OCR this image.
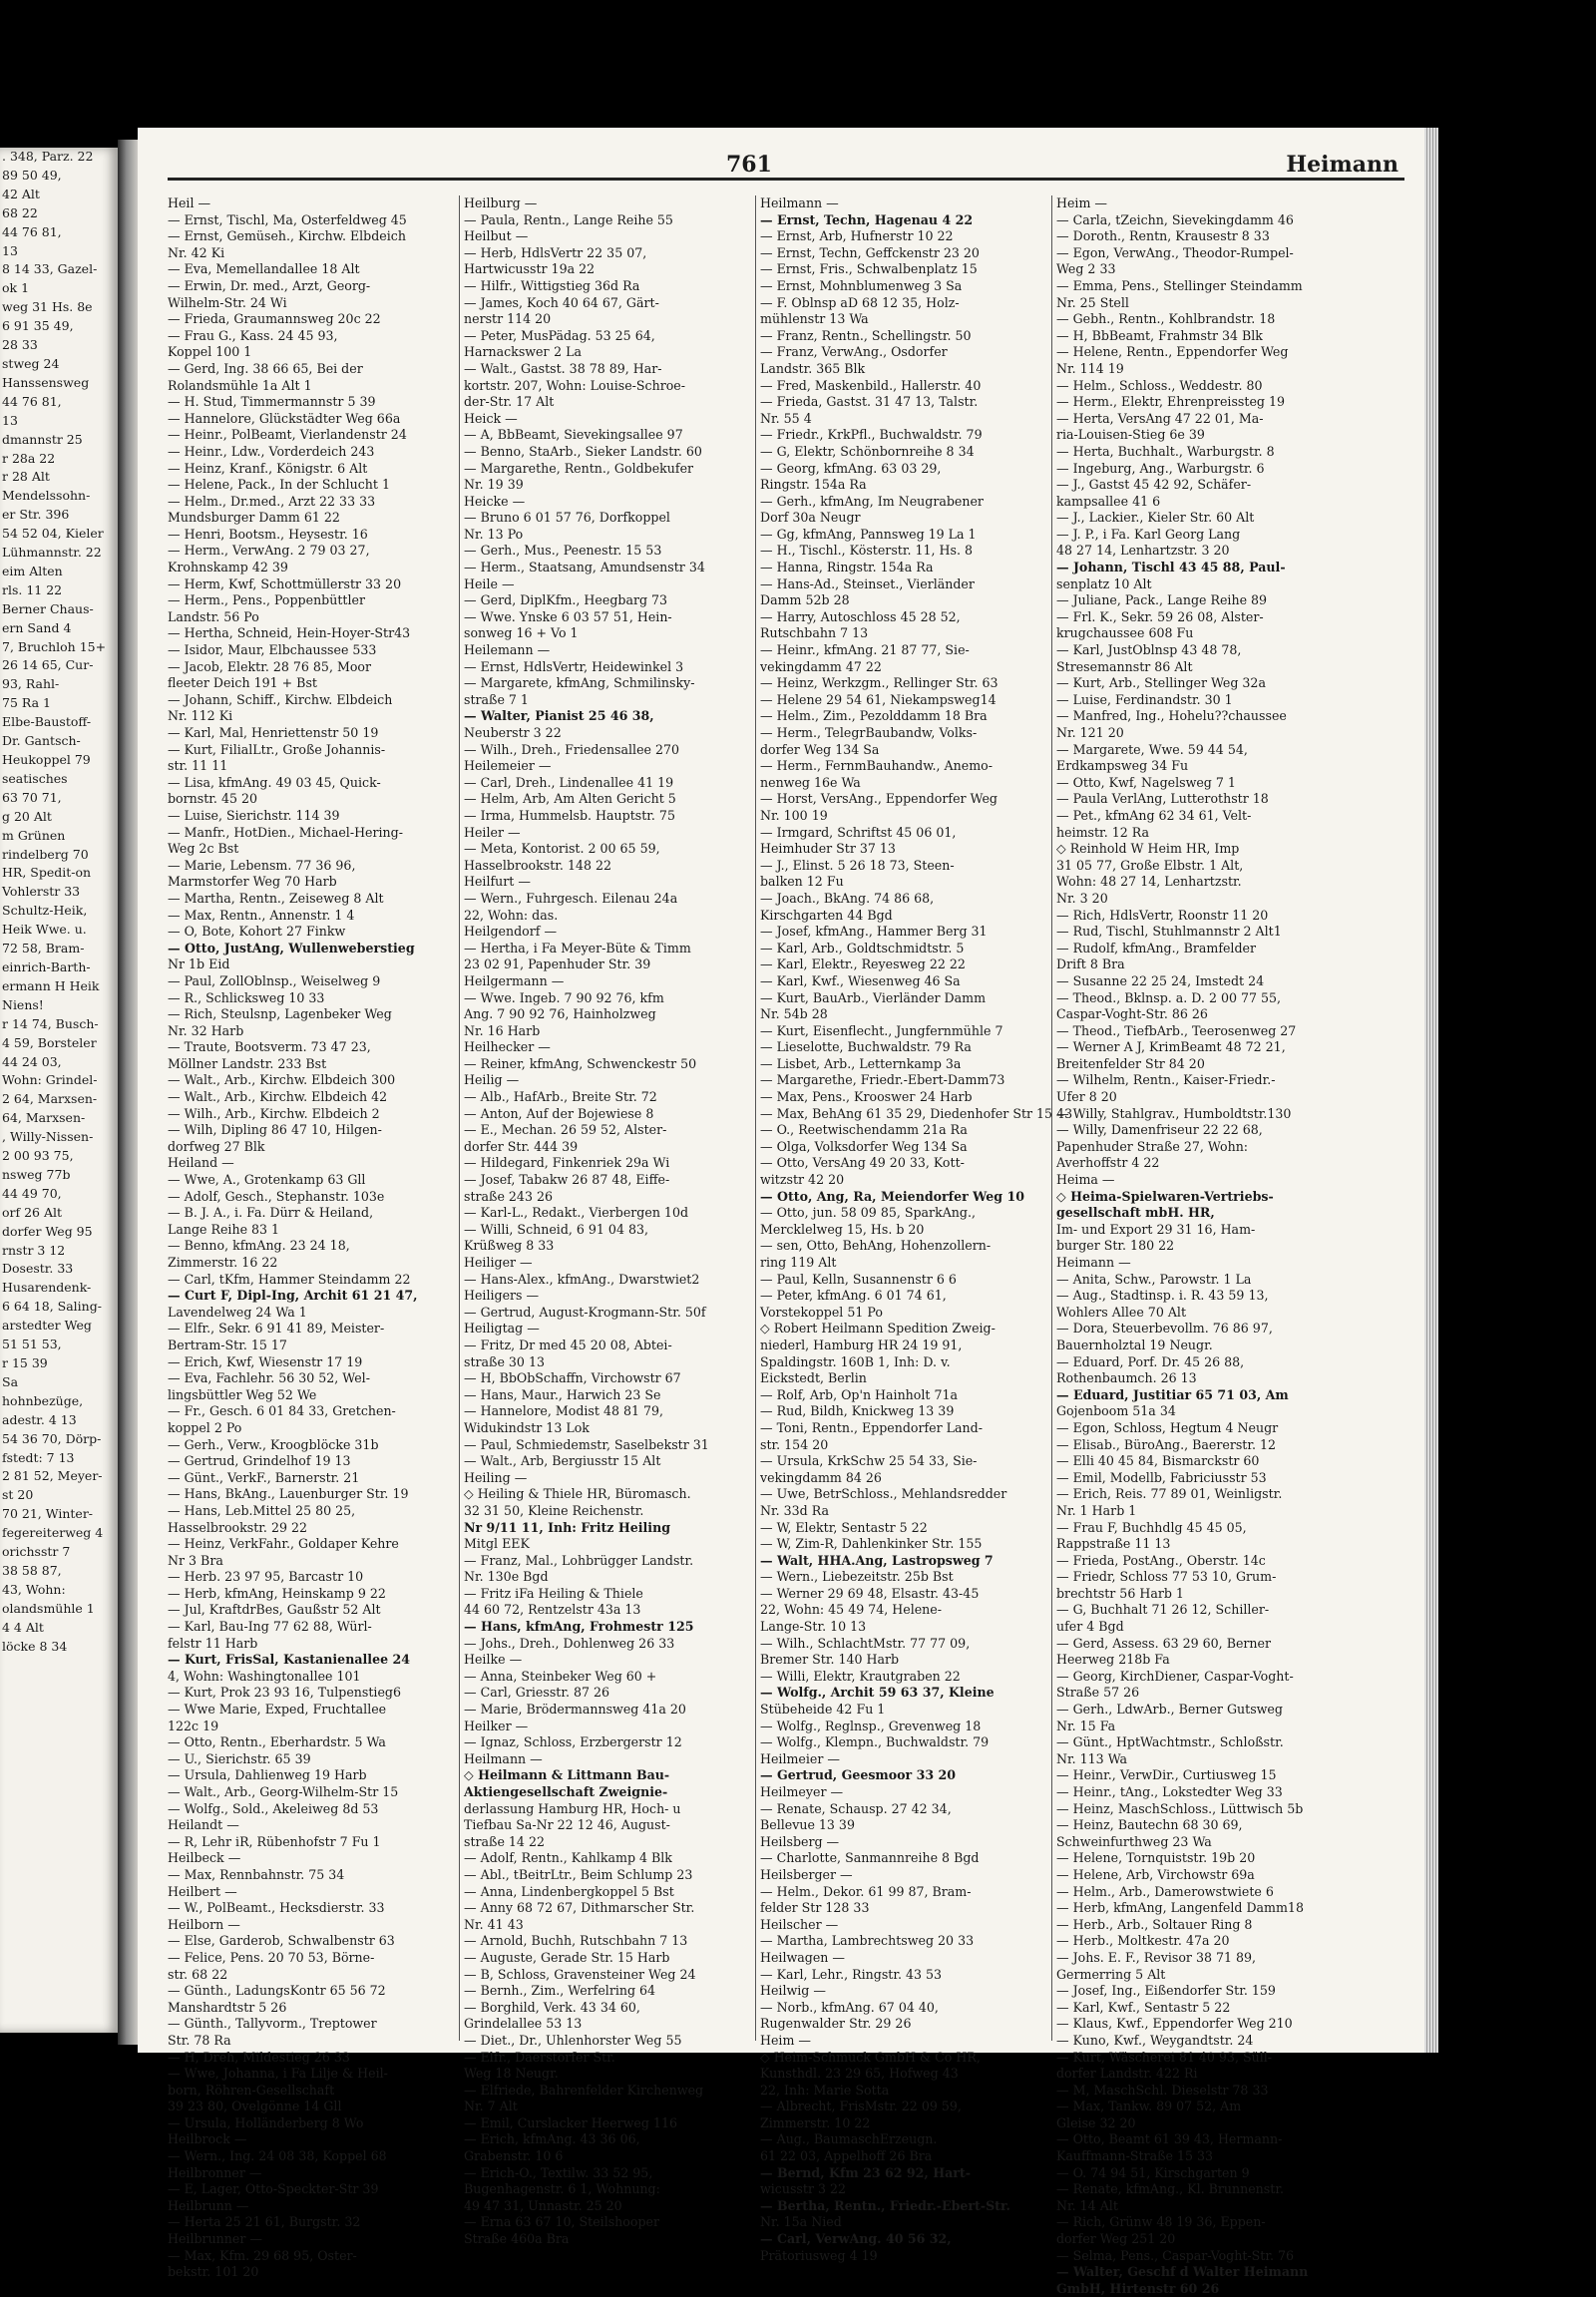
. 348, Parz. 22
89 50 49,
42 Alt
68 22
44 76 81,
13
8 14 33, Gazel-
ok 1
weg 31 Hs. 8e
6 91 35 49,
28 33
stweg 24
Hanssensweg
44 76 81,
13
dmannstr 25
r 28a 22
r 28 Alt
Mendelssohn-
er Str. 396
54 52 04, Kieler
Lühmannstr. 22
eim Alten
rls. 11 22
Berner Chaus-
ern Sand 4
7, Bruchloh 15+
26 14 65, Cur-
93, Rahl-
75 Ra 1
Elbe-Baustoff-
Dr. Gantsch-
Heukoppel 79
seatisches
63 70 71,
g 20 Alt
m Grünen
rindelberg 70
HR, Spedit-on
Vohlerstr 33
Schultz-Heik,
Heik Wwe. u.
72 58, Bram-
einrich-Barth-
ermann H Heik
Niens!
r 14 74, Busch-
4 59, Borsteler
44 24 03,
Wohn: Grindel-
2 64, Marxsen-
64, Marxsen-
, Willy-Nissen-
2 00 93 75,
nsweg 77b
44 49 70,
orf 26 Alt
dorfer Weg 95
rnstr 3 12
Dosestr. 33
Husarendenk-
6 64 18, Saling-
arstedter Weg
51 51 53,
r 15 39
Sa
hohnbezüge,
adestr. 4 13
54 36 70, Dörp-
fstedt: 7 13
2 81 52, Meyer-
st 20
70 21, Winter-
fegereiterweg 4
orichsstr 7
38 58 87,
43, Wohn:
olandsmühle 1
4 4 Alt
löcke 8 34
761	Heimann

Heil —

— Ernst, Tischl, Ma, Osterfeldweg 45

— Ernst, Gemüseh., Kirchw. Elbdeich

Nr. 42 Ki

— Eva, Memellandallee 18 Alt

— Erwin, Dr. med., Arzt, Georg-

Wilhelm-Str. 24 Wi

— Frieda, Graumannsweg 20c 22

— Frau G., Kass. 24 45 93,

Koppel 100 1

— Gerd, Ing. 38 66 65, Bei der

Rolandsmühle 1a Alt 1

— H. Stud, Timmermannstr 5 39

— Hannelore, Glückstädter Weg 66a

— Heinr., PolBeamt, Vierlandenstr 24

— Heinr., Ldw., Vorderdeich 243

— Heinz, Kranf., Königstr. 6 Alt

— Helene, Pack., In der Schlucht 1

— Helm., Dr.med., Arzt 22 33 33

Mundsburger Damm 61 22

— Henri, Bootsm., Heysestr. 16

— Herm., VerwAng. 2 79 03 27,

Krohnskamp 42 39

— Herm, Kwf, Schottmüllerstr 33 20

— Herm., Pens., Poppenbüttler

Landstr. 56 Po

— Hertha, Schneid, Hein-Hoyer-Str43

— Isidor, Maur, Elbchaussee 533

— Jacob, Elektr. 28 76 85, Moor

fleeter Deich 191 + Bst

— Johann, Schiff., Kirchw. Elbdeich

Nr. 112 Ki

— Karl, Mal, Henriettenstr 50 19

— Kurt, FilialLtr., Große Johannis-

str. 11 11

— Lisa, kfmAng. 49 03 45, Quick-

bornstr. 45 20

— Luise, Sierichstr. 114 39

— Manfr., HotDien., Michael-Hering-

Weg 2c Bst

— Marie, Lebensm. 77 36 96,

Marmstorfer Weg 70 Harb

— Martha, Rentn., Zeiseweg 8 Alt

— Max, Rentn., Annenstr. 1 4

— O, Bote, Kohort 27 Finkw

— Otto, JustAng, Wullenweberstieg

Nr 1b Eid

— Paul, ZollOblnsp., Weiselweg 9

— R., Schlicksweg 10 33

— Rich, Steulsnp, Lagenbeker Weg

Nr. 32 Harb

— Traute, Bootsverm. 73 47 23,

Möllner Landstr. 233 Bst

— Walt., Arb., Kirchw. Elbdeich 300

— Walt., Arb., Kirchw. Elbdeich 42

— Wilh., Arb., Kirchw. Elbdeich 2

— Wilh, Dipling 86 47 10, Hilgen-

dorfweg 27 Blk

Heiland —

— Wwe, A., Grotenkamp 63 Gll

— Adolf, Gesch., Stephanstr. 103e

— B. J. A., i. Fa. Dürr & Heiland,

Lange Reihe 83 1

— Benno, kfmAng. 23 24 18,

Zimmerstr. 16 22

— Carl, tKfm, Hammer Steindamm 22

— Curt F, Dipl-Ing, Archit 61 21 47,

Lavendelweg 24 Wa 1

— Elfr., Sekr. 6 91 41 89, Meister-

Bertram-Str. 15 17

— Erich, Kwf, Wiesenstr 17 19

— Eva, Fachlehr. 56 30 52, Wel-

lingsbüttler Weg 52 We

— Fr., Gesch. 6 01 84 33, Gretchen-

koppel 2 Po

— Gerh., Verw., Kroogblöcke 31b

— Gertrud, Grindelhof 19 13

— Günt., VerkF., Barnerstr. 21

— Hans, BkAng., Lauenburger Str. 19

— Hans, Leb.Mittel 25 80 25,

Hasselbrookstr. 29 22

— Heinz, VerkFahr., Goldaper Kehre

Nr 3 Bra

— Herb. 23 97 95, Barcastr 10

— Herb, kfmAng, Heinskamp 9 22

— Jul, KraftdrBes, Gaußstr 52 Alt

— Karl, Bau-Ing 77 62 88, Würl-

felstr 11 Harb

— Kurt, FrisSal, Kastanienallee 24

4, Wohn: Washingtonallee 101

— Kurt, Prok 23 93 16, Tulpenstieg6

— Wwe Marie, Exped, Fruchtallee

122c 19

— Otto, Rentn., Eberhardstr. 5 Wa

— U., Sierichstr. 65 39

— Ursula, Dahlienweg 19 Harb

— Walt., Arb., Georg-Wilhelm-Str 15

— Wolfg., Sold., Akeleiweg 8d 53

Heilandt —

— R, Lehr iR, Rübenhofstr 7 Fu 1

Heilbeck —

— Max, Rennbahnstr. 75 34

Heilbert —

— W., PolBeamt., Hecksdierstr. 33

Heilborn —

— Else, Garderob, Schwalbenstr 63

— Felice, Pens. 20 70 53, Börne-

str. 68 22

— Günth., LadungsKontr 65 56 72

Manshardtstr 5 26

— Günth., Tallyvorm., Treptower

Str. 78 Ra

— H, Dreh, Mildestieg 26 33

— Wwe, Johanna, i Fa Lilje & Heil-

born, Röhren-Gesellschaft

39 23 80, Ovelgönne 14 Gll

— Ursula, Holländerberg 8 Wo

Heilbrock —

— Wern., Ing. 24 08 38, Koppel 68

Heilbronner —

— E, Lager, Otto-Speckter-Str 39

Heilbrunn —

— Herta 25 21 61, Burgstr. 32

Heilbrunner —

— Max, Kfm. 29 68 95, Oster-

bekstr. 101 20

Heilburg —

— Paula, Rentn., Lange Reihe 55

Heilbut —

— Herb, HdlsVertr 22 35 07,

Hartwicusstr 19a 22

— Hilfr., Wittigstieg 36d Ra

— James, Koch 40 64 67, Gärt-

nerstr 114 20

— Peter, MusPädag. 53 25 64,

Harnackswег 2 La

— Walt., Gastst. 38 78 89, Har-

kortstr. 207, Wohn: Louise-Schroe-

der-Str. 17 Alt

Heick —

— A, BbBeamt, Sievekingsallee 97

— Benno, StaArb., Sieker Landstr. 60

— Margarethe, Rentn., Goldbekufer

Nr. 19 39

Heicke —

— Bruno 6 01 57 76, Dorfkoppel

Nr. 13 Po

— Gerh., Mus., Peenestr. 15 53

— Herm., Staatsang, Amundsenstr 34

Heile —

— Gerd, DiplKfm., Heegbarg 73

— Wwe. Ynske 6 03 57 51, Hein-

sonweg 16 + Vo 1

Heilemann —

— Ernst, HdlsVertr, Heidewinkel 3

— Margarete, kfmAng, Schmilinsky-

straße 7 1

— Walter, Pianist 25 46 38,

Neuberstr 3 22

— Wilh., Dreh., Friedensallee 270

Heilemeier —

— Carl, Dreh., Lindenallee 41 19

— Helm, Arb, Am Alten Gericht 5

— Irma, Hummelsb. Hauptstr. 75

Heiler —

— Meta, Kontorist. 2 00 65 59,

Hasselbrookstr. 148 22

Heilfurt —

— Wern., Fuhrgesch. Eilenau 24a

22, Wohn: das.

Heilgendorf —

— Hertha, i Fa Meyer-Büte & Timm

23 02 91, Papenhuder Str. 39

Heilgermann —

— Wwe. Ingeb. 7 90 92 76, kfm

Ang. 7 90 92 76, Hainholzweg

Nr. 16 Harb

Heilhecker —

— Reiner, kfmAng, Schwenckestr 50

Heilig —

— Alb., HafArb., Breite Str. 72

— Anton, Auf der Bojewiese 8

— E., Mechan. 26 59 52, Alster-

dorfer Str. 444 39

— Hildegard, Finkenriek 29a Wi

— Josef, Tabakw 26 87 48, Eiffe-

straße 243 26

— Karl-L., Redakt., Vierbergen 10d

— Willi, Schneid, 6 91 04 83,

Krüßweg 8 33

Heiliger —

— Hans-Alex., kfmAng., Dwarstwiet2

Heiligers —

— Gertrud, August-Krogmann-Str. 50f

Heiligtag —

— Fritz, Dr med 45 20 08, Abtei-

straße 30 13

— H, BbObSchaffn, Virchowstr 67

— Hans, Maur., Harwich 23 Se

— Hannelore, Modist 48 81 79,

Widukindstr 13 Lok

— Paul, Schmiedemstr, Saselbekstr 31

— Walt., Arb, Bergiusstr 15 Alt

Heiling —

◇ Heiling & Thiele HR, Büromasch.

32 31 50, Kleine Reichenstr.

Nr 9/11 11, Inh: Fritz Heiling

Mitgl EEK

— Franz, Mal., Lohbrügger Landstr.

Nr. 130e Bgd

— Fritz iFa Heiling & Thiele

44 60 72, Rentzelstr 43a 13

— Hans, kfmAng, Frohmestr 125

— Johs., Dreh., Dohlenweg 26 33

Heilke —

— Anna, Steinbeker Weg 60 +

— Carl, Griesstr. 87 26

— Marie, Brödermannsweg 41a 20

Heilker —

— Ignaz, Schloss, Erzbergerstr 12

Heilmann —

◇ Heilmann & Littmann Bau-

Aktiengesellschaft Zweignie-

derlassung Hamburg HR, Hoch- u

Tiefbau Sa-Nr 22 12 46, August-

straße 14 22

— Adolf, Rentn., Kahlkamp 4 Blk

— Abl., tBeitrLtr., Beim Schlump 23

— Anna, Lindenbergkoppel 5 Bst

— Anny 68 72 67, Dithmarscher Str.

Nr. 41 43

— Arnold, Buchh, Rutschbahn 7 13

— Auguste, Gerade Str. 15 Harb

— B, Schloss, Gravensteiner Weg 24

— Bernh., Zim., Werfelring 64

— Borghild, Verk. 43 34 60,

Grindelallee 53 13

— Diet., Dr., Uhlenhorster Weg 55

— Elfr., Daerstorfer Str.

Weg 18 Neugr.

— Elfriede, Bahrenfelder Kirchenweg

Nr. 7 Alt

— Emil, Curslacker Heerweg 116

— Erich, kfmAng. 43 36 06,

Grabenstr. 10 6

— Erich-O., Textilw. 33 52 95,

Bugenhagenstr. 6 1, Wohnung:

49 47 31, Unnastr. 25 20

— Erna 63 67 10, Steilshooper

Straße 460a Bra

Heilmann —

— Ernst, Techn, Hagenau 4 22

— Ernst, Arb, Hufnerstr 10 22

— Ernst, Techn, Geffckenstr 23 20

— Ernst, Fris., Schwalbenplatz 15

— Ernst, Mohnblumenweg 3 Sa

— F. Oblnsp aD 68 12 35, Holz-

mühlenstr 13 Wa

— Franz, Rentn., Schellingstr. 50

— Franz, VerwAng., Osdorfer

Landstr. 365 Blk

— Fred, Maskenbild., Hallerstr. 40

— Frieda, Gastst. 31 47 13, Talstr.

Nr. 55 4

— Friedr., KrkPfl., Buchwaldstr. 79

— G, Elektr, Schönbornreihe 8 34

— Georg, kfmAng. 63 03 29,

Ringstr. 154a Ra

— Gerh., kfmAng, Im Neugrabener

Dorf 30a Neugr

— Gg, kfmAng, Pannsweg 19 La 1

— H., Tischl., Kösterstr. 11, Hs. 8

— Hanna, Ringstr. 154a Ra

— Hans-Ad., Steinset., Vierländer

Damm 52b 28

— Harry, Autoschloss 45 28 52,

Rutschbahn 7 13

— Heinr., kfmAng. 21 87 77, Sie-

vekingdamm 47 22

— Heinz, Werkzgm., Rellinger Str. 63

— Helene 29 54 61, Niekampsweg14

— Helm., Zim., Pezolddamm 18 Bra

— Herm., TelegrBaubandw, Volks-

dorfer Weg 134 Sa

— Herm., FernmBauhandw., Anemo-

nenweg 16e Wa

— Horst, VersAng., Eppendorfer Weg

Nr. 100 19

— Irmgard, Schriftst 45 06 01,

Heimhuder Str 37 13

— J., Elinst. 5 26 18 73, Steen-

balken 12 Fu

— Joach., BkAng. 74 86 68,

Kirschgarten 44 Bgd

— Josef, kfmAng., Hammer Berg 31

— Karl, Arb., Goldtschmidtstr. 5

— Karl, Elektr., Reyesweg 22 22

— Karl, Kwf., Wiesenweg 46 Sa

— Kurt, BauArb., Vierländer Damm

Nr. 54b 28

— Kurt, Eisenflecht., Jungfernmühle 7

— Lieselotte, Buchwaldstr. 79 Ra

— Lisbet, Arb., Letternkamp 3a

— Margarethe, Friedr.-Ebert-Damm73

— Max, Pens., Krooswег 24 Harb

— Max, BehAng 61 35 29, Diedenhofer Str 15 43

— O., Reetwischendamm 21a Ra

— Olga, Volksdorfer Weg 134 Sa

— Otto, VersAng 49 20 33, Kott-

witzstr 42 20

— Otto, Ang, Ra, Meiendorfer Weg 10

— Otto, jun. 58 09 85, SparkAng.,

Mercklelweg 15, Hs. b 20

— sen, Otto, BehAng, Hohenzollern-

ring 119 Alt

— Paul, Kelln, Susannenstr 6 6

— Peter, kfmAng. 6 01 74 61,

Vorstekoppel 51 Po

◇ Robert Heilmann Spedition Zweig-

niederl, Hamburg HR 24 19 91,

Spaldingstr. 160B 1, Inh: D. v.

Eickstedt, Berlin

— Rolf, Arb, Op'n Hainholt 71a

— Rud, Bildh, Knickweg 13 39

— Toni, Rentn., Eppendorfer Land-

str. 154 20

— Ursula, KrkSchw 25 54 33, Sie-

vekingdamm 84 26

— Uwe, BetrSchloss., Mehlandsredder

Nr. 33d Ra

— W, Elektr, Sentastr 5 22

— W, Zim-R, Dahlenkinker Str. 155

— Walt, HHA.Ang, Lastropsweg 7

— Wern., Liebezeitstr. 25b Bst

— Werner 29 69 48, Elsastr. 43-45

22, Wohn: 45 49 74, Helene-

Lange-Str. 10 13

— Wilh., SchlachtMstr. 77 77 09,

Bremer Str. 140 Harb

— Willi, Elektr, Krautgraben 22

— Wolfg., Archit 59 63 37, Kleine

Stübeheide 42 Fu 1

— Wolfg., Reglnsp., Grevenweg 18

— Wolfg., Klempn., Buchwaldstr. 79

Heilmeier —

— Gertrud, Geesmoor 33 20

Heilmeyer —

— Renate, Schausp. 27 42 34,

Bellevue 13 39

Heilsberg —

— Charlotte, Sanmannreihe 8 Bgd

Heilsberger —

— Helm., Dekor. 61 99 87, Bram-

felder Str 128 33

Heilscher —

— Martha, Lambrechtsweg 20 33

Heilwagen —

— Karl, Lehr., Ringstr. 43 53

Heilwig —

— Norb., kfmAng. 67 04 40,

Rugenwalder Str. 29 26

Heim —

◇ Heim-Schmuck GmbH & Co HR,

Kunsthdl. 23 29 65, Hofweg 43

22, Inh: Marie Sotta

— Albrecht, FrisMstr. 22 09 59,

Zimmerstr. 10 22

— Aug., BaumaschErzeugn.

61 22 03, Appelhoff 26 Bra

— Bernd, Kfm 23 62 92, Hart-

wicusstr 3 22

— Bertha, Rentn., Friedr.-Ebert-Str.

Nr. 15a Nied

— Carl, VerwAng. 40 56 32,

Prätoriusweg 4 19

Heim —

— Carla, tZeichn, Sievekingdamm 46

— Doroth., Rentn, Krausestr 8 33

— Egon, VerwAng., Theodor-Rumpel-

Weg 2 33

— Emma, Pens., Stellinger Steindamm

Nr. 25 Stell

— Gebh., Rentn., Kohlbrandstr. 18

— H, BbBeamt, Frahmstr 34 Blk

— Helene, Rentn., Eppendorfer Weg

Nr. 114 19

— Helm., Schloss., Weddestr. 80

— Herm., Elektr, Ehrenpreissteg 19

— Herta, VersAng 47 22 01, Ma-

ria-Louisen-Stieg 6e 39

— Herta, Buchhalt., Warburgstr. 8

— Ingeburg, Ang., Warburgstr. 6

— J., Gastst 45 42 92, Schäfer-

kampsallee 41 6

— J., Lackier., Kieler Str. 60 Alt

— J. P., i Fa. Karl Georg Lang

48 27 14, Lenhartzstr. 3 20

— Johann, Tischl 43 45 88, Paul-

senplatz 10 Alt

— Juliane, Pack., Lange Reihe 89

— Frl. K., Sekr. 59 26 08, Alster-

krugchaussee 608 Fu

— Karl, JustOblnsp 43 48 78,

Stresemannstr 86 Alt

— Kurt, Arb., Stellinger Weg 32a

— Luise, Ferdinandstr. 30 1

— Manfred, Ing., Hohelu??chaussee

Nr. 121 20

— Margarete, Wwe. 59 44 54,

Erdkampsweg 34 Fu

— Otto, Kwf, Nagelsweg 7 1

— Paula VerlAng, Lutterothstr 18

— Pet., kfmAng 62 34 61, Velt-

heimstr. 12 Ra

◇ Reinhold W Heim HR, Imp

31 05 77, Große Elbstr. 1 Alt,

Wohn: 48 27 14, Lenhartzstr.

Nr. 3 20

— Rich, HdlsVertr, Roonstr 11 20

— Rud, Tischl, Stuhlmannstr 2 Alt1

— Rudolf, kfmAng., Bramfelder

Drift 8 Bra

— Susanne 22 25 24, Imstedt 24

— Theod., Bklnsp. a. D. 2 00 77 55,

Caspar-Voght-Str. 86 26

— Theod., TiefbArb., Teerosenweg 27

— Werner A J, KrimBeamt 48 72 21,

Breitenfelder Str 84 20

— Wilhelm, Rentn., Kaiser-Friedr.-

Ufer 8 20

— Willy, Stahlgrav., Humboldtstr.130

— Willy, Damenfriseur 22 22 68,

Papenhuder Straße 27, Wohn:

Averhoffstr 4 22

Heima —

◇ Heima-Spielwaren-Vertriebs-

gesellschaft mbH. HR,

Im- und Export 29 31 16, Ham-

burger Str. 180 22

Heimann —

— Anita, Schw., Parowstr. 1 La

— Aug., Stadtinsp. i. R. 43 59 13,

Wohlers Allee 70 Alt

— Dora, Steuerbevollm. 76 86 97,

Bauernholztal 19 Neugr.

— Eduard, Porf. Dr. 45 26 88,

Rothenbaumch. 26 13

— Eduard, Justitiar 65 71 03, Am

Gojenboom 51a 34

— Egon, Schloss, Hegtum 4 Neugr

— Elisab., BüroAng., Baererstr. 12

— Elli 40 45 84, Bismarckstr 60

— Emil, Modellb, Fabriciusstr 53

— Erich, Reis. 77 89 01, Weinligstr.

Nr. 1 Harb 1

— Frau F, Buchhdlg 45 45 05,

Rappstraße 11 13

— Frieda, PostAng., Oberstr. 14c

— Friedr, Schloss 77 53 10, Grum-

brechtstr 56 Harb 1

— G, Buchhalt 71 26 12, Schiller-

ufer 4 Bgd

— Gerd, Assess. 63 29 60, Berner

Heerweg 218b Fa

— Georg, KirchDiener, Caspar-Voght-

Straße 57 26

— Gerh., LdwArb., Berner Gutsweg

Nr. 15 Fa

— Günt., HptWachtmstr., Schloßstr.

Nr. 113 Wa

— Heinr., VerwDir., Curtiusweg 15

— Heinr., tAng., Lokstedter Weg 33

— Heinz, MaschSchloss., Lüttwisch 5b

— Heinz, Bautechn 68 30 69,

Schweinfurthweg 23 Wa

— Helene, Tornquiststr. 19b 20

— Helene, Arb, Virchowstr 69a

— Helm., Arb., Damerowstwiete 6

— Herb, kfmAng, Langenfeld Damm18

— Herb., Arb., Soltauer Ring 8

— Herb., Moltkestr. 47a 20

— Johs. E. F., Revisor 38 71 89,

Germerring 5 Alt

— Josef, Ing., Eißendorfer Str. 159

— Karl, Kwf., Sentastr 5 22

— Klaus, Kwf., Eppendorfer Weg 210

— Kuno, Kwf., Weygandtstr. 24

— Kurt, Wäscherei 81 40 93, Süll-

dorfer Landstr. 422 Ri

— M, MaschSchl. Dieselstr 78 33

— Max, Tankw. 89 07 52, Am

Gleise 32 20

— Otto, Beamt 61 39 43, Hermann-

Kauffmann-Straße 15 33

— O. 74 94 51, Kirschgarten 9

— Renate, kfmAng., Kl. Brunnenstr.

Nr. 14 Alt

— Rich, Grünw 48 19 36, Eppen-

dorfer Weg 251 20

— Selma, Pens., Caspar-Voght-Str. 76

— Walter, Geschf d Walter Heimann

GmbH, Hirtenstr 60 26
